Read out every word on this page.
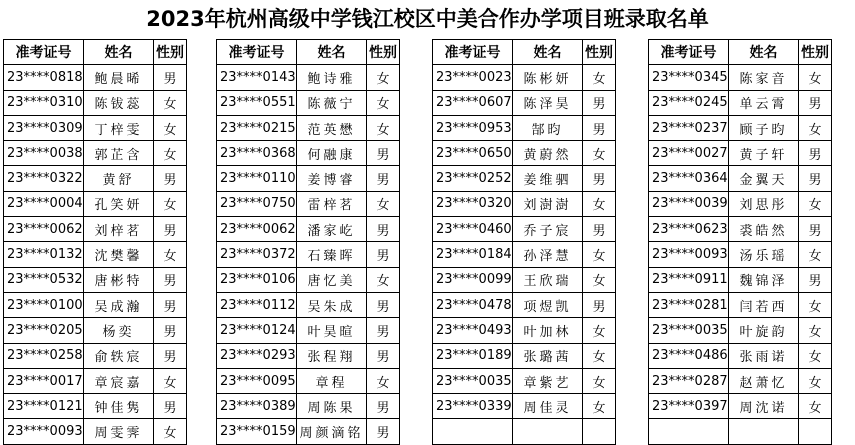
2023年杭州高级中学钱江校区中美合作办学项目班录取名单
准考证号	姓名	性别
23****0818	鲍晨晞	男
23****0310	陈钹蕊	女
23****0309	丁梓雯	女
23****0038	郭芷含	女
23****0322	黄舒	男
23****0004	孔笑妍	女
23****0062	刘梓茗	男
23****0132	沈樊馨	女
23****0532	唐彬特	男
23****0100	吴成瀚	男
23****0205	杨奕	男
23****0258	俞轶宸	男
23****0017	章宸嘉	女
23****0121	钟佳隽	男
23****0093	周雯霁	女
准考证号	姓名	性别
23****0143	鲍诗雅	女
23****0551	陈薇宁	女
23****0215	范英懋	女
23****0368	何融康	男
23****0110	姜博睿	男
23****0750	雷梓茗	女
23****0062	潘家屹	男
23****0372	石臻晖	男
23****0106	唐忆美	女
23****0112	吴朱成	男
23****0124	叶昊暄	男
23****0293	张程翔	男
23****0095	章程	女
23****0389	周陈果	男
23****0159	周颜滴铭	男
准考证号	姓名	性别
23****0023	陈彬妍	女
23****0607	陈泽昊	男
23****0953	郜昀	男
23****0650	黄蔚然	女
23****0252	姜维驷	男
23****0320	刘澍澍	女
23****0460	乔子宸	男
23****0184	孙泽慧	女
23****0099	王欣瑞	女
23****0478	项煜凯	男
23****0493	叶加林	女
23****0189	张璐茜	女
23****0035	章紫艺	女
23****0339	周佳灵	女

准考证号	姓名	性别
23****0345	陈家音	女
23****0245	单云霄	男
23****0237	顾子昀	女
23****0027	黄子轩	男
23****0364	金翼天	男
23****0039	刘思彤	女
23****0623	裘皓然	男
23****0093	汤乐瑶	女
23****0911	魏锦泽	男
23****0281	闫若西	女
23****0035	叶旋韵	女
23****0486	张雨诺	女
23****0287	赵萧忆	女
23****0397	周沈诺	女
